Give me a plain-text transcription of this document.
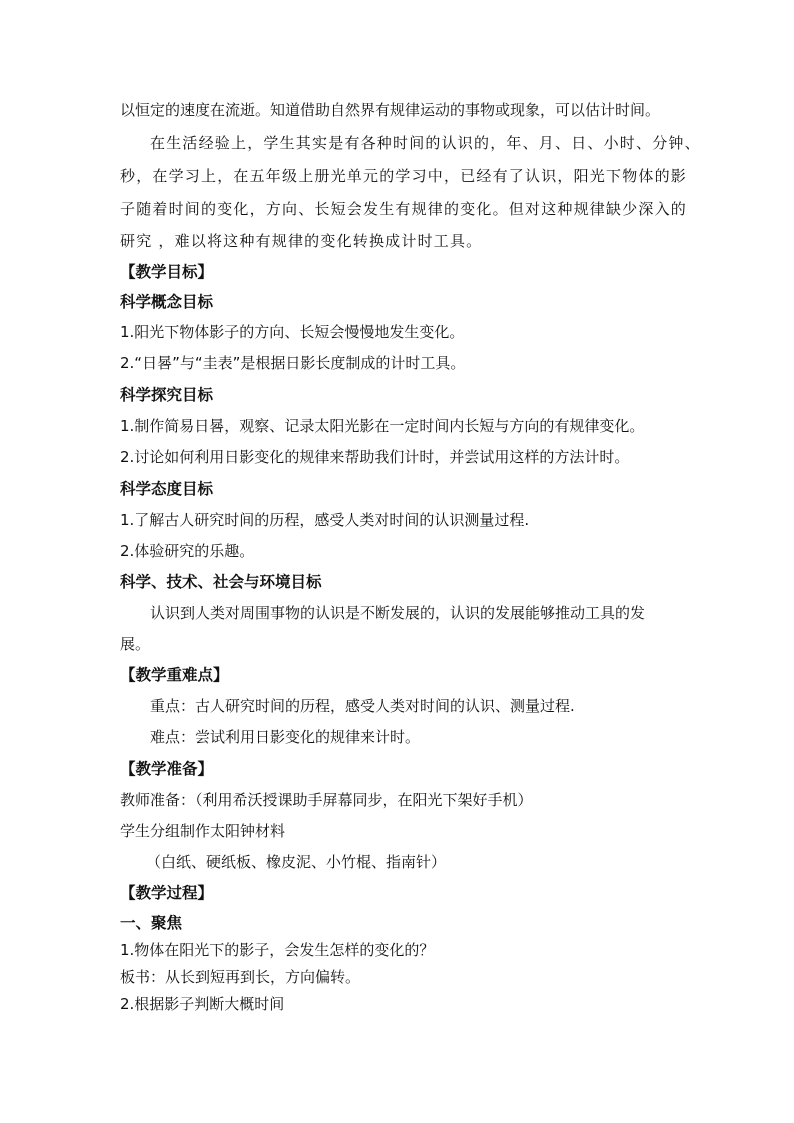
以恒定的速度在流逝。知道借助自然界有规律运动的事物或现象，可以估计时间。
在生活经验上，学生其实是有各种时间的认识的，年、月、日、小时、分钟、
秒，在学习上，在五年级上册光单元的学习中，已经有了认识，阳光下物体的影
子随着时间的变化，方向、长短会发生有规律的变化。但对这种规律缺少深入的
研究 ，难以将这种有规律的变化转换成计时工具。
【教学目标】
科学概念目标
1.阳光下物体影子的方向、长短会慢慢地发生变化。
2.“日晷”与“圭表”是根据日影长度制成的计时工具。
科学探究目标
1.制作简易日晷，观察、记录太阳光影在一定时间内长短与方向的有规律变化。
2.讨论如何利用日影变化的规律来帮助我们计时，并尝试用这样的方法计时。
科学态度目标
1.了解古人研究时间的历程，感受人类对时间的认识测量过程.
2.体验研究的乐趣。
科学、技术、社会与环境目标
认识到人类对周围事物的认识是不断发展的，认识的发展能够推动工具的发
展。
【教学重难点】
重点：古人研究时间的历程，感受人类对时间的认识、测量过程.
难点：尝试利用日影变化的规律来计时。
【教学准备】
教师准备：（利用希沃授课助手屏幕同步，在阳光下架好手机）
学生分组制作太阳钟材料
（白纸、硬纸板、橡皮泥、小竹棍、指南针）
【教学过程】
一、聚焦
1.物体在阳光下的影子，会发生怎样的变化的？
板书：从长到短再到长，方向偏转。
2.根据影子判断大概时间
